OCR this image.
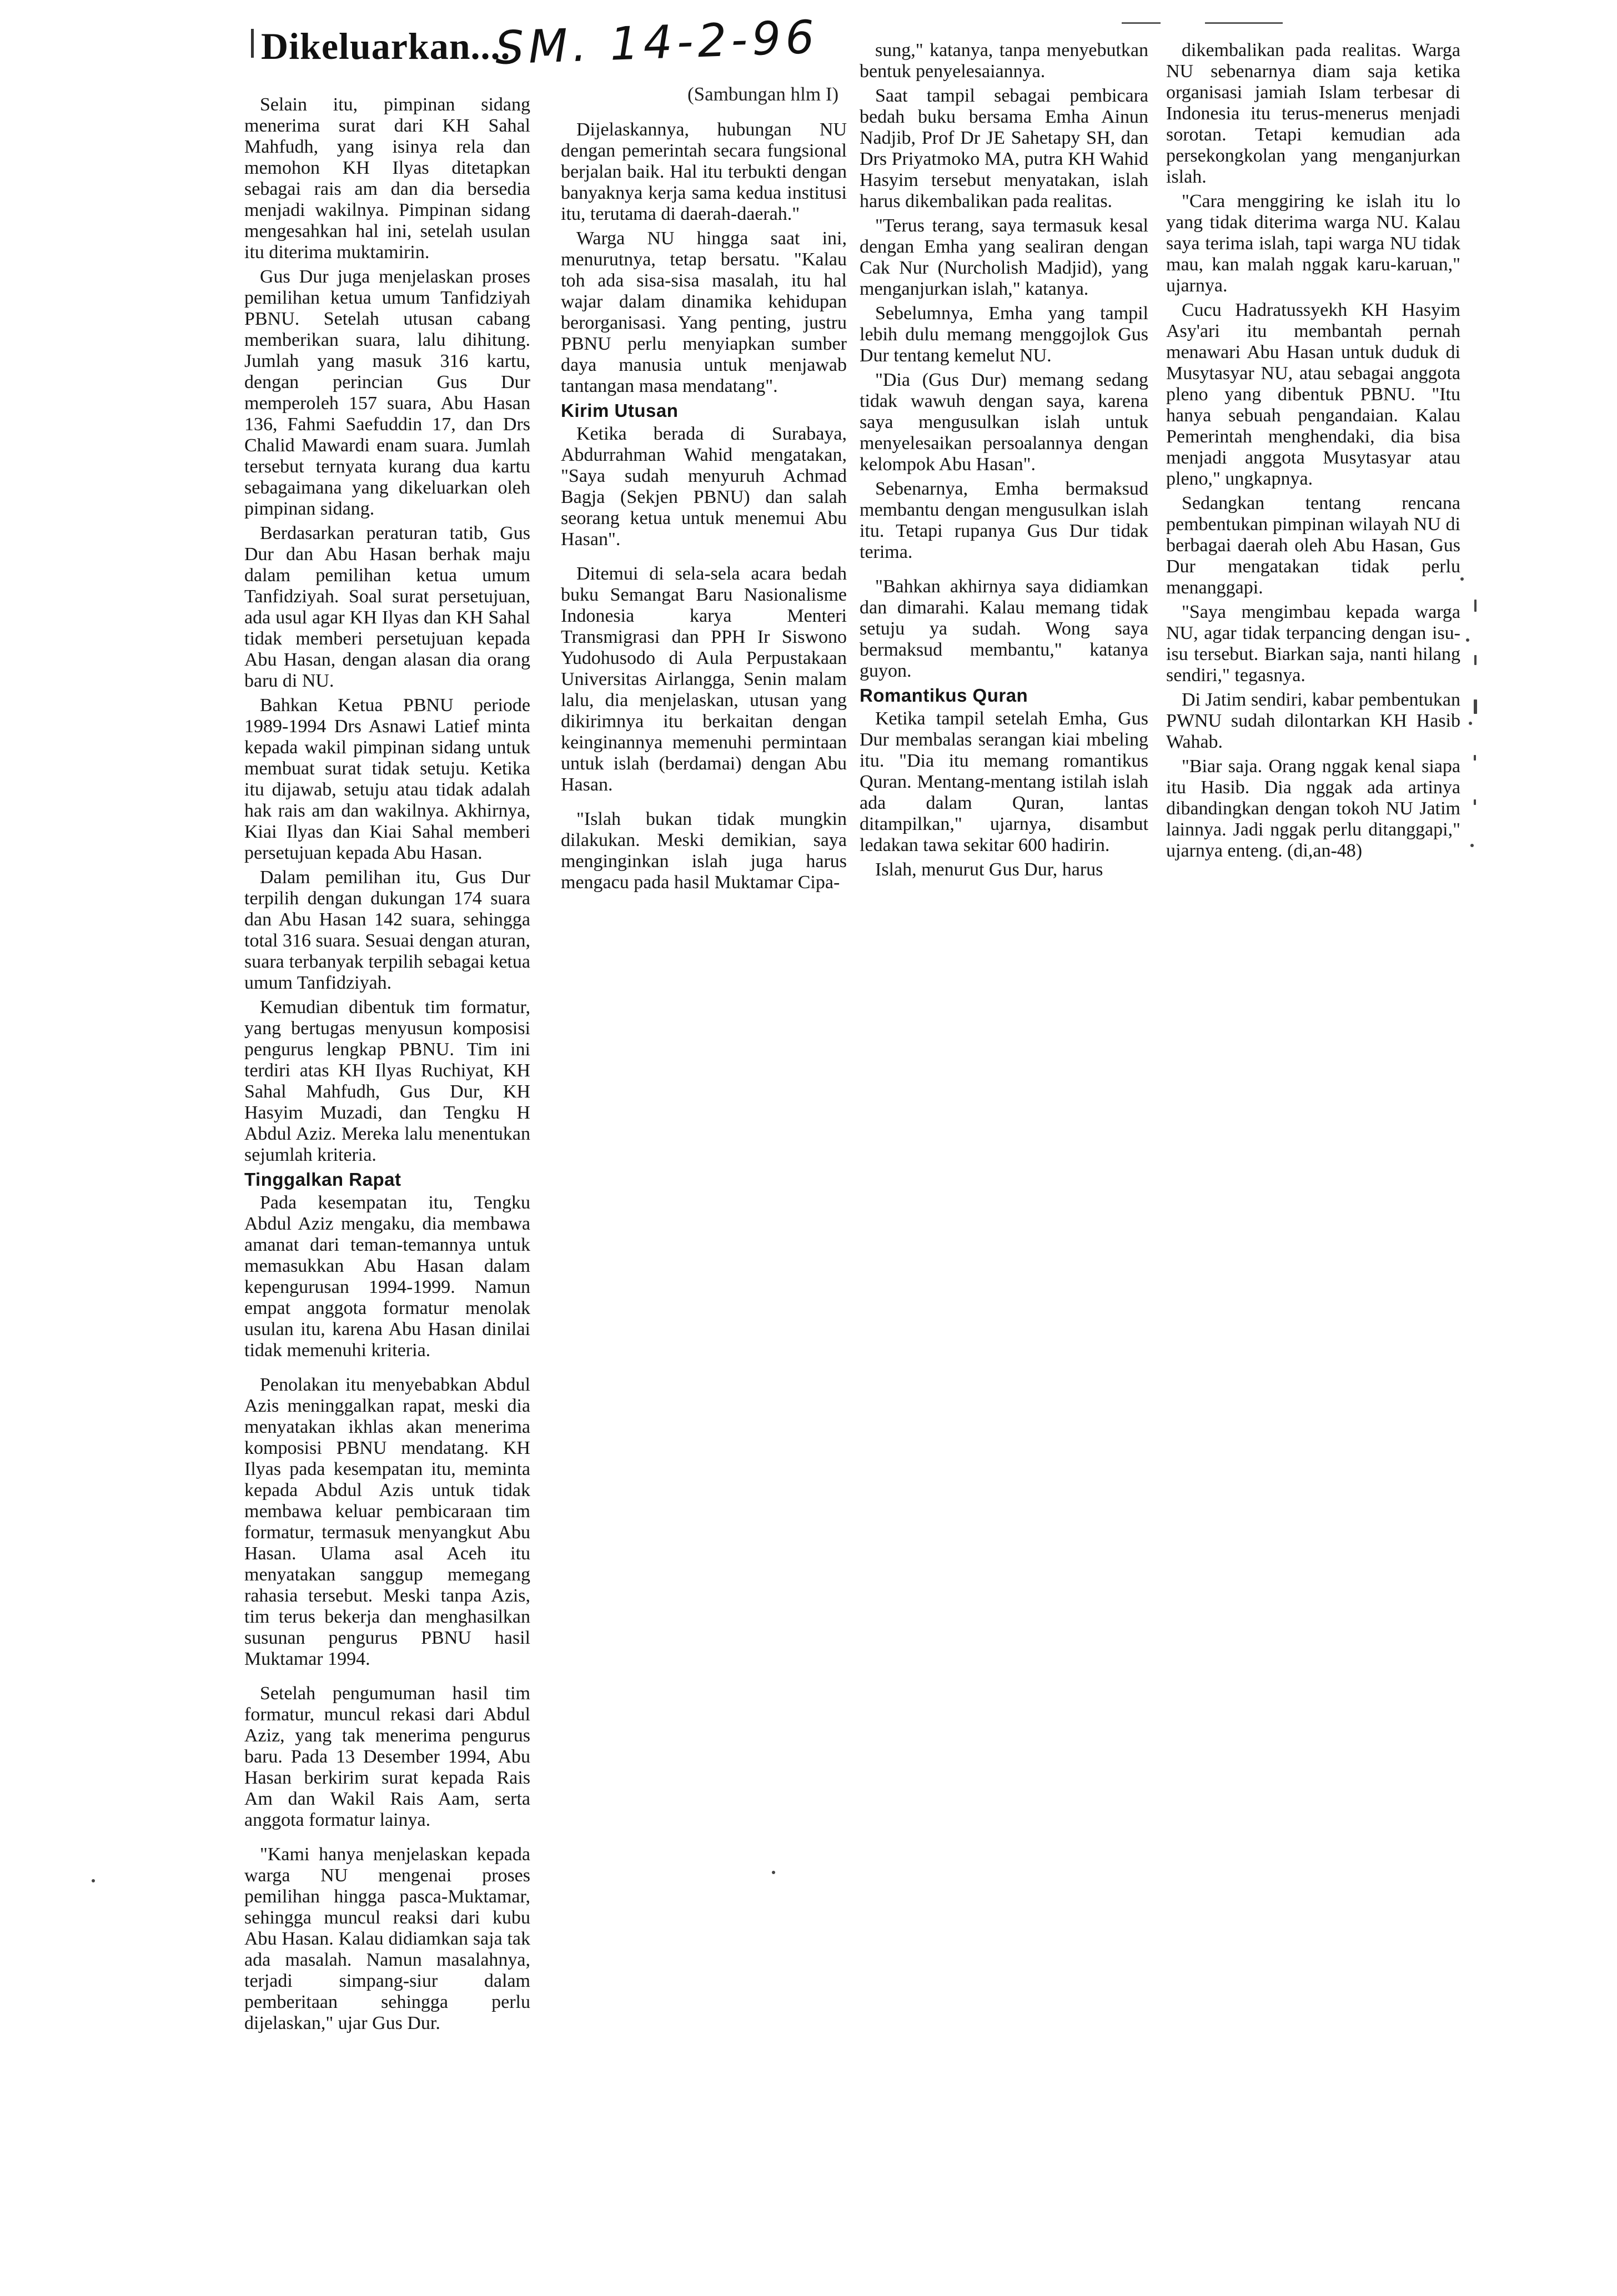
Dikeluarkan....
SM. 14-2-96
(Sambungan hlm I)

Selain itu, pimpinan sidang menerima surat dari KH Sahal Mahfudh, yang isinya rela dan memohon KH Ilyas ditetapkan sebagai rais am dan dia bersedia menjadi wakilnya. Pimpinan sidang mengesahkan hal ini, setelah usulan itu diterima muktamirin.

Gus Dur juga menjelaskan proses pemilihan ketua umum Tanfidziyah PBNU. Setelah utusan cabang memberikan suara, lalu dihitung. Jumlah yang masuk 316 kartu, dengan perincian Gus Dur memperoleh 157 suara, Abu Hasan 136, Fahmi Saefuddin 17, dan Drs Chalid Mawardi enam suara. Jumlah tersebut ternyata kurang dua kartu sebagaimana yang dikeluarkan oleh pimpinan sidang.

Berdasarkan peraturan tatib, Gus Dur dan Abu Hasan berhak maju dalam pemilihan ketua umum Tanfidziyah. Soal surat persetujuan, ada usul agar KH Ilyas dan KH Sahal tidak memberi persetujuan kepada Abu Hasan, dengan alasan dia orang baru di NU.

Bahkan Ketua PBNU periode 1989-1994 Drs Asnawi Latief minta kepada wakil pimpinan sidang untuk membuat surat tidak setuju. Ketika itu dijawab, setuju atau tidak adalah hak rais am dan wakilnya. Akhirnya, Kiai Ilyas dan Kiai Sahal memberi persetujuan kepada Abu Hasan.

Dalam pemilihan itu, Gus Dur terpilih dengan dukungan 174 suara dan Abu Hasan 142 suara, sehingga total 316 suara. Sesuai dengan aturan, suara terbanyak terpilih sebagai ketua umum Tanfidziyah.

Kemudian dibentuk tim formatur, yang bertugas menyusun komposisi pengurus lengkap PBNU. Tim ini terdiri atas KH Ilyas Ruchiyat, KH Sahal Mahfudh, Gus Dur, KH Hasyim Muzadi, dan Tengku H Abdul Aziz. Mereka lalu menentukan sejumlah kriteria.

Tinggalkan Rapat

Pada kesempatan itu, Tengku Abdul Aziz mengaku, dia membawa amanat dari teman-temannya untuk memasukkan Abu Hasan dalam kepengurusan 1994-1999. Namun empat anggota formatur menolak usulan itu, karena Abu Hasan dinilai tidak memenuhi kriteria.

Penolakan itu menyebabkan Abdul Azis meninggalkan rapat, meski dia menyatakan ikhlas akan menerima komposisi PBNU mendatang. KH Ilyas pada kesempatan itu, meminta kepada Abdul Azis untuk tidak membawa keluar pembicaraan tim formatur, termasuk menyangkut Abu Hasan. Ulama asal Aceh itu menyatakan sanggup memegang rahasia tersebut. Meski tanpa Azis, tim terus bekerja dan menghasilkan susunan pengurus PBNU hasil Muktamar 1994.

Setelah pengumuman hasil tim formatur, muncul rekasi dari Abdul Aziz, yang tak menerima pengurus baru. Pada 13 Desember 1994, Abu Hasan berkirim surat kepada Rais Am dan Wakil Rais Aam, serta anggota formatur lainya.

"Kami hanya menjelaskan kepada warga NU mengenai proses pemilihan hingga pasca-Muktamar, sehingga muncul reaksi dari kubu Abu Hasan. Kalau didiamkan saja tak ada masalah. Namun masalahnya, terjadi simpang-siur dalam pemberitaan sehingga perlu dijelaskan," ujar Gus Dur.

Dijelaskannya, hubungan NU dengan pemerintah secara fungsional berjalan baik. Hal itu terbukti dengan banyaknya kerja sama kedua institusi itu, terutama di daerah-daerah."

Warga NU hingga saat ini, menurutnya, tetap bersatu. "Kalau toh ada sisa-sisa masalah, itu hal wajar dalam dinamika kehidupan berorganisasi. Yang penting, justru PBNU perlu menyiapkan sumber daya manusia untuk menjawab tantangan masa mendatang".

Kirim Utusan

Ketika berada di Surabaya, Abdurrahman Wahid mengatakan, "Saya sudah menyuruh Achmad Bagja (Sekjen PBNU) dan salah seorang ketua untuk menemui Abu Hasan".

Ditemui di sela-sela acara bedah buku Semangat Baru Nasionalisme Indonesia karya Menteri Transmigrasi dan PPH Ir Siswono Yudohusodo di Aula Perpustakaan Universitas Airlangga, Senin malam lalu, dia menjelaskan, utusan yang dikirimnya itu berkaitan dengan keinginannya memenuhi permintaan untuk islah (berdamai) dengan Abu Hasan.

"Islah bukan tidak mungkin dilakukan. Meski demikian, saya menginginkan islah juga harus mengacu pada hasil Muktamar Cipa-

sung," katanya, tanpa menyebutkan bentuk penyelesaiannya.

Saat tampil sebagai pembicara bedah buku bersama Emha Ainun Nadjib, Prof Dr JE Sahetapy SH, dan Drs Priyatmoko MA, putra KH Wahid Hasyim tersebut menyatakan, islah harus dikembalikan pada realitas.

"Terus terang, saya termasuk kesal dengan Emha yang sealiran dengan Cak Nur (Nurcholish Madjid), yang menganjurkan islah," katanya.

Sebelumnya, Emha yang tampil lebih dulu memang menggojlok Gus Dur tentang kemelut NU.

"Dia (Gus Dur) memang sedang tidak wawuh dengan saya, karena saya mengusulkan islah untuk menyelesaikan persoalannya dengan kelompok Abu Hasan".

Sebenarnya, Emha bermaksud membantu dengan mengusulkan islah itu. Tetapi rupanya Gus Dur tidak terima.

"Bahkan akhirnya saya didiamkan dan dimarahi. Kalau memang tidak setuju ya sudah. Wong saya bermaksud membantu," katanya guyon.

Romantikus Quran

Ketika tampil setelah Emha, Gus Dur membalas serangan kiai mbeling itu. "Dia itu memang romantikus Quran. Mentang-mentang istilah islah ada dalam Quran, lantas ditampilkan," ujarnya, disambut ledakan tawa sekitar 600 hadirin.

Islah, menurut Gus Dur, harus

dikembalikan pada realitas. Warga NU sebenarnya diam saja ketika organisasi jamiah Islam terbesar di Indonesia itu terus-menerus menjadi sorotan. Tetapi kemudian ada persekongkolan yang menganjurkan islah.

"Cara menggiring ke islah itu lo yang tidak diterima warga NU. Kalau saya terima islah, tapi warga NU tidak mau, kan malah nggak karu-karuan," ujarnya.

Cucu Hadratussyekh KH Hasyim Asy'ari itu membantah pernah menawari Abu Hasan untuk duduk di Musytasyar NU, atau sebagai anggota pleno yang dibentuk PBNU. "Itu hanya sebuah pengandaian. Kalau Pemerintah menghendaki, dia bisa menjadi anggota Musytasyar atau pleno," ungkapnya.

Sedangkan tentang rencana pembentukan pimpinan wilayah NU di berbagai daerah oleh Abu Hasan, Gus Dur mengatakan tidak perlu menanggapi.

"Saya mengimbau kepada warga NU, agar tidak terpancing dengan isu-isu tersebut. Biarkan saja, nanti hilang sendiri," tegasnya.

Di Jatim sendiri, kabar pembentukan PWNU sudah dilontarkan KH Hasib Wahab.

"Biar saja. Orang nggak kenal siapa itu Hasib. Dia nggak ada artinya dibandingkan dengan tokoh NU Jatim lainnya. Jadi nggak perlu ditanggapi," ujarnya enteng. (di,an-48)
